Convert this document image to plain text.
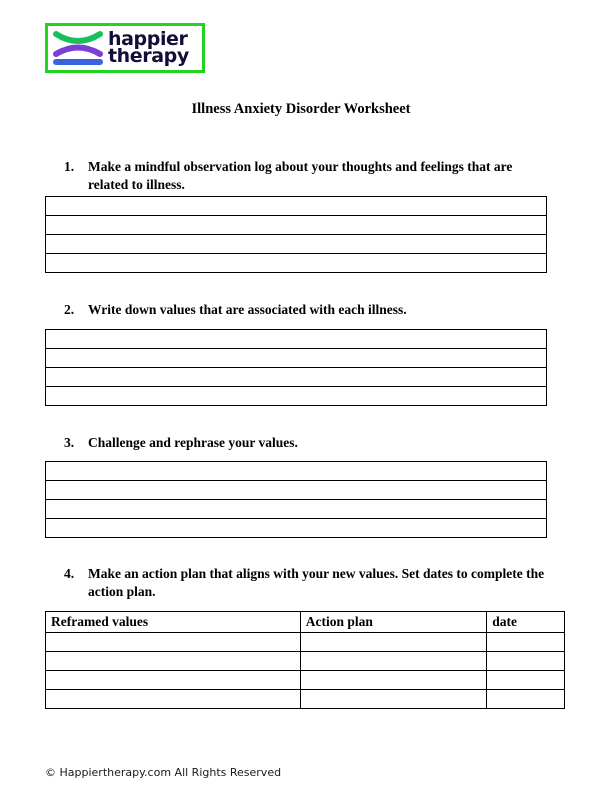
happier
therapy
Illness Anxiety Disorder Worksheet
1.	Make a mindful observation log about your thoughts and feelings that are related to illness.

2.	Write down values that are associated with each illness.

3.	Challenge and rephrase your values.

4.	Make an action plan that aligns with your new values. Set dates to complete the action plan.
Reframed values	Action plan	date

© Happiertherapy.com All Rights Reserved
